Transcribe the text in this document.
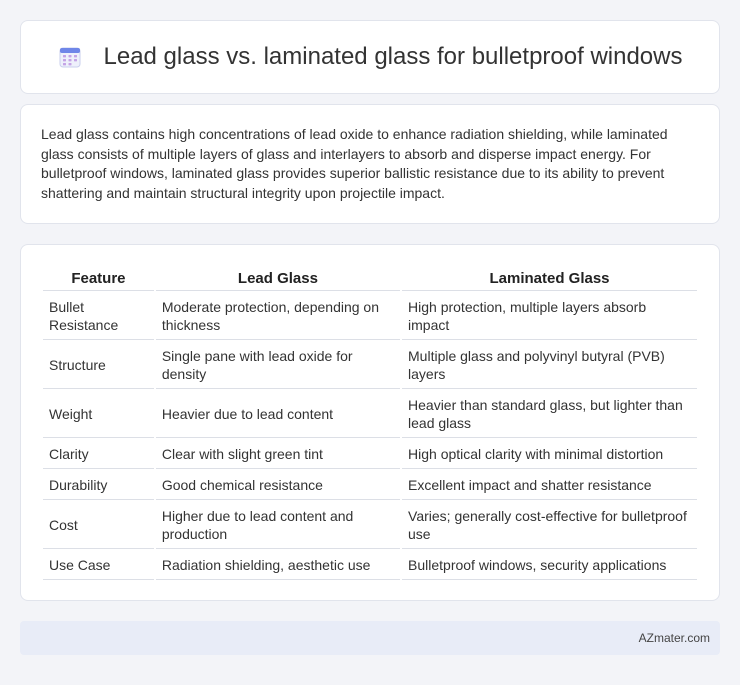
Lead glass vs. laminated glass for bulletproof windows

Lead glass contains high concentrations of lead oxide to enhance radiation shielding, while laminated glass consists of multiple layers of glass and interlayers to absorb and disperse impact energy. For bulletproof windows, laminated glass provides superior ballistic resistance due to its ability to prevent shattering and maintain structural integrity upon projectile impact.

Feature	Lead Glass	Laminated Glass
Bullet Resistance	Moderate protection, depending on thickness	High protection, multiple layers absorb impact
Structure	Single pane with lead oxide for density	Multiple glass and polyvinyl butyral (PVB) layers
Weight	Heavier due to lead content	Heavier than standard glass, but lighter than lead glass
Clarity	Clear with slight green tint	High optical clarity with minimal distortion
Durability	Good chemical resistance	Excellent impact and shatter resistance
Cost	Higher due to lead content and production	Varies; generally cost-effective for bulletproof use
Use Case	Radiation shielding, aesthetic use	Bulletproof windows, security applications
AZmater.com
